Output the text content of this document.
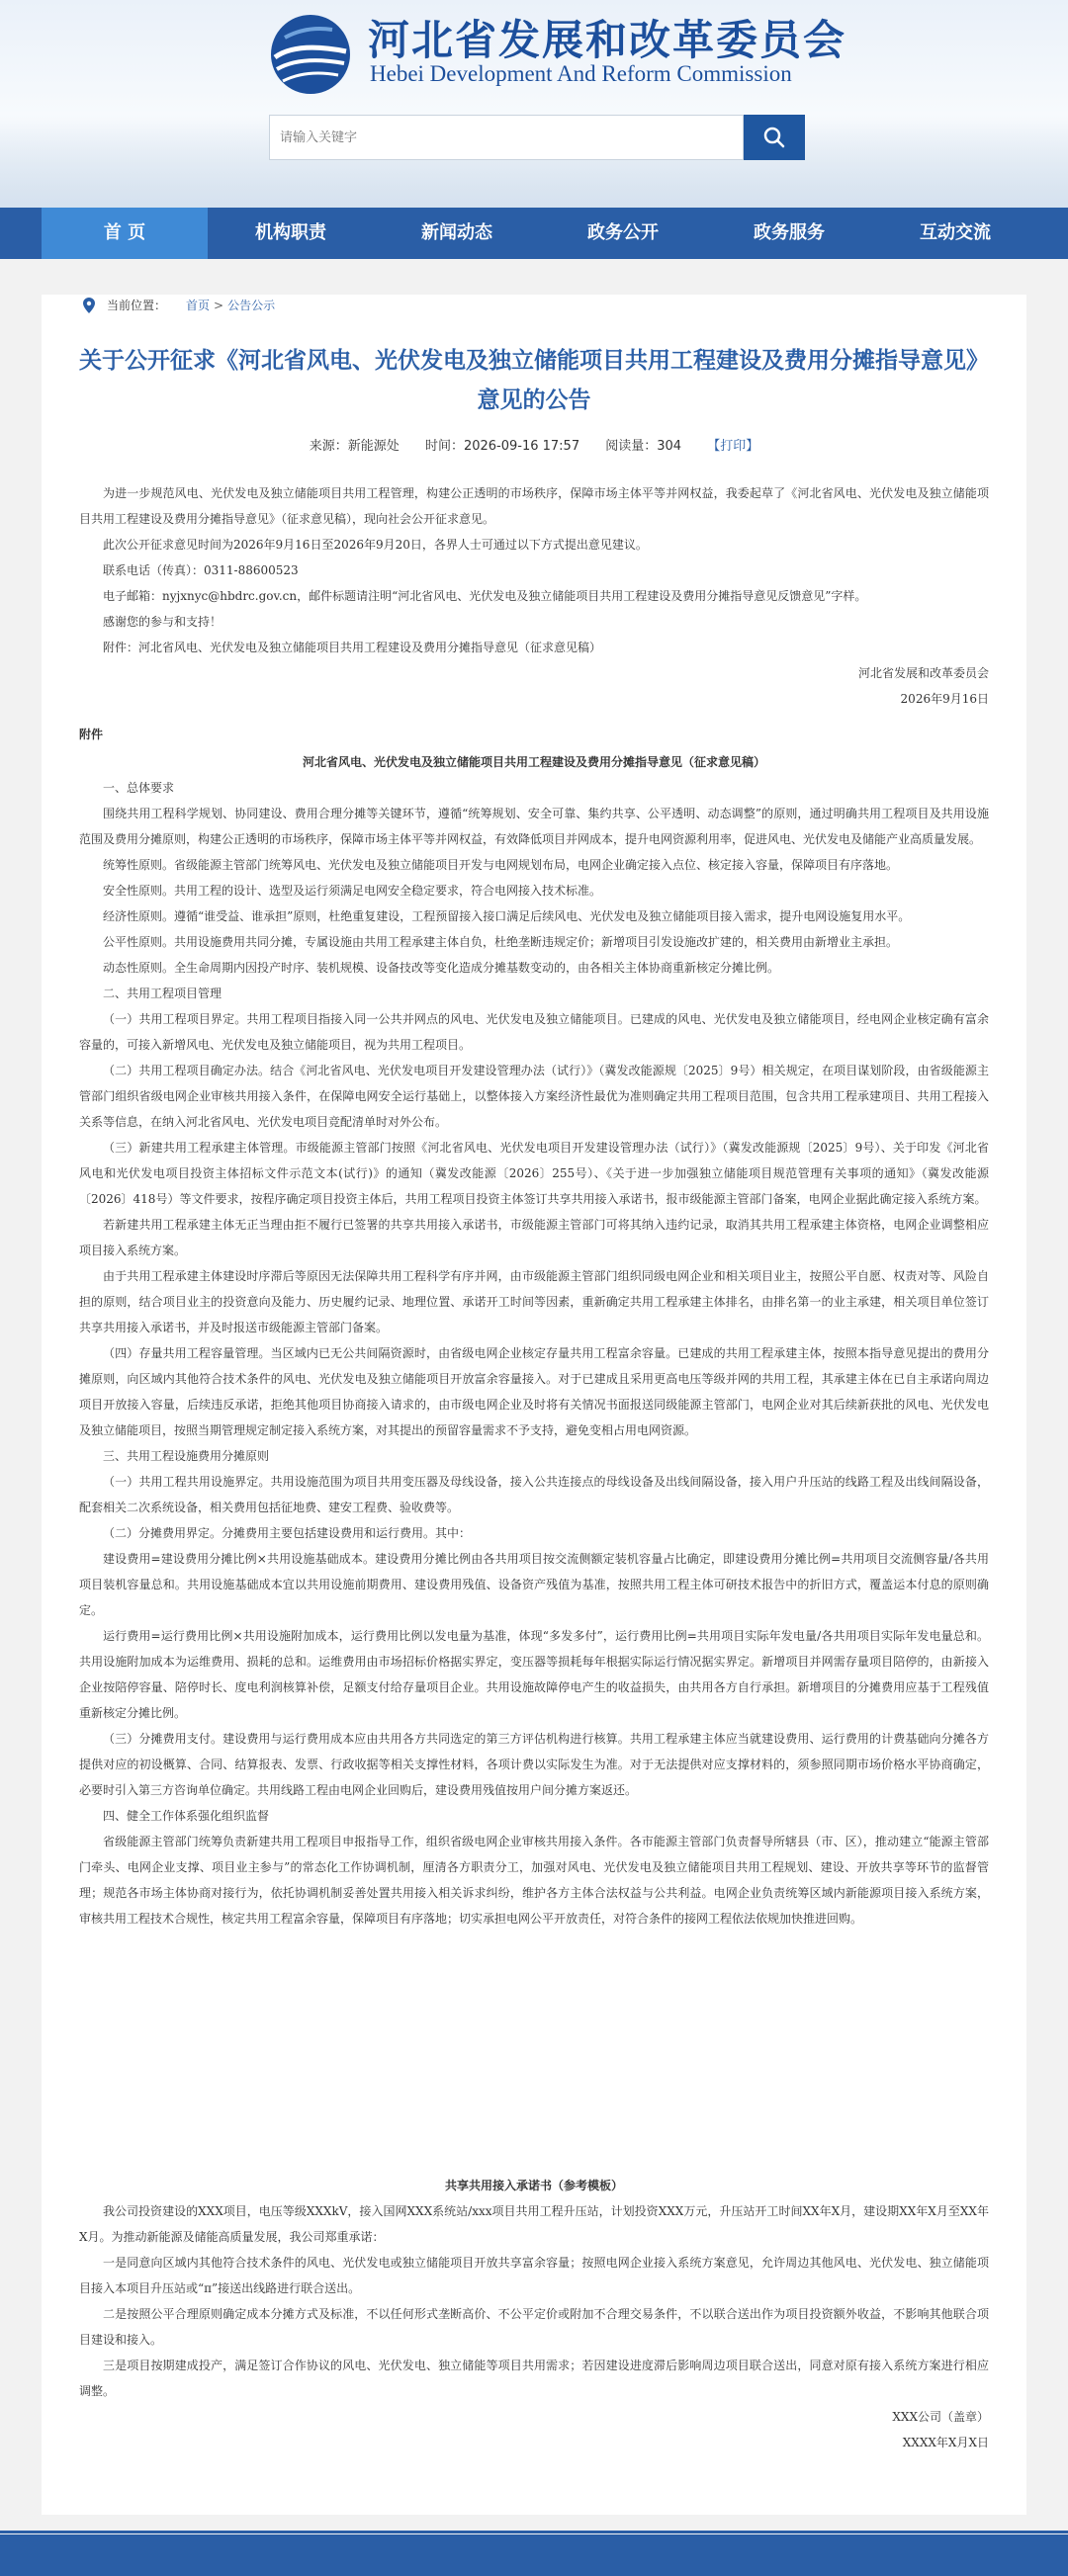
河北省发展和改革委员会
Hebei Development And Reform Commission
请输入关键字
首 页	机构职责	新闻动态	政务公开	政务服务	互动交流
当前位置： 首页 > 公告公示
关于公开征求《河北省风电、光伏发电及独立储能项目共用工程建设及费用分摊指导意见》意见的公告
来源：新能源处 时间：2026-09-16 17:57 阅读量：304 【打印】

为进一步规范风电、光伏发电及独立储能项目共用工程管理，构建公正透明的市场秩序，保障市场主体平等并网权益，我委起草了《河北省风电、光伏发电及独立储能项目共用工程建设及费用分摊指导意见》（征求意见稿），现向社会公开征求意见。

此次公开征求意见时间为2026年9月16日至2026年9月20日，各界人士可通过以下方式提出意见建议。

联系电话（传真）：0311-88600523

电子邮箱：nyjxnyc@hbdrc.gov.cn，邮件标题请注明“河北省风电、光伏发电及独立储能项目共用工程建设及费用分摊指导意见反馈意见”字样。

感谢您的参与和支持！

附件：河北省风电、光伏发电及独立储能项目共用工程建设及费用分摊指导意见（征求意见稿）

河北省发展和改革委员会

2026年9月16日

附件

河北省风电、光伏发电及独立储能项目共用工程建设及费用分摊指导意见（征求意见稿）

一、总体要求

围绕共用工程科学规划、协同建设、费用合理分摊等关键环节，遵循“统筹规划、安全可靠、集约共享、公平透明、动态调整”的原则，通过明确共用工程项目及共用设施范围及费用分摊原则，构建公正透明的市场秩序，保障市场主体平等并网权益，有效降低项目并网成本，提升电网资源利用率，促进风电、光伏发电及储能产业高质量发展。

统筹性原则。省级能源主管部门统筹风电、光伏发电及独立储能项目开发与电网规划布局，电网企业确定接入点位、核定接入容量，保障项目有序落地。

安全性原则。共用工程的设计、选型及运行须满足电网安全稳定要求，符合电网接入技术标准。

经济性原则。遵循“谁受益、谁承担”原则，杜绝重复建设，工程预留接入接口满足后续风电、光伏发电及独立储能项目接入需求，提升电网设施复用水平。

公平性原则。共用设施费用共同分摊，专属设施由共用工程承建主体自负，杜绝垄断违规定价；新增项目引发设施改扩建的，相关费用由新增业主承担。

动态性原则。全生命周期内因投产时序、装机规模、设备技改等变化造成分摊基数变动的，由各相关主体协商重新核定分摊比例。

二、共用工程项目管理

（一）共用工程项目界定。共用工程项目指接入同一公共并网点的风电、光伏发电及独立储能项目。已建成的风电、光伏发电及独立储能项目，经电网企业核定确有富余容量的，可接入新增风电、光伏发电及独立储能项目，视为共用工程项目。

（二）共用工程项目确定办法。结合《河北省风电、光伏发电项目开发建设管理办法（试行）》（冀发改能源规〔2025〕9号）相关规定，在项目谋划阶段，由省级能源主管部门组织省级电网企业审核共用接入条件，在保障电网安全运行基础上，以整体接入方案经济性最优为准则确定共用工程项目范围，包含共用工程承建项目、共用工程接入关系等信息，在纳入河北省风电、光伏发电项目竞配清单时对外公布。

（三）新建共用工程承建主体管理。市级能源主管部门按照《河北省风电、光伏发电项目开发建设管理办法（试行）》（冀发改能源规〔2025〕9号）、关于印发《河北省风电和光伏发电项目投资主体招标文件示范文本(试行)》的通知（冀发改能源〔2026〕255号）、《关于进一步加强独立储能项目规范管理有关事项的通知》（冀发改能源〔2026〕418号）等文件要求，按程序确定项目投资主体后，共用工程项目投资主体签订共享共用接入承诺书，报市级能源主管部门备案，电网企业据此确定接入系统方案。

若新建共用工程承建主体无正当理由拒不履行已签署的共享共用接入承诺书，市级能源主管部门可将其纳入违约记录，取消其共用工程承建主体资格，电网企业调整相应项目接入系统方案。

由于共用工程承建主体建设时序滞后等原因无法保障共用工程科学有序并网，由市级能源主管部门组织同级电网企业和相关项目业主，按照公平自愿、权责对等、风险自担的原则，结合项目业主的投资意向及能力、历史履约记录、地理位置、承诺开工时间等因素，重新确定共用工程承建主体排名，由排名第一的业主承建，相关项目单位签订共享共用接入承诺书，并及时报送市级能源主管部门备案。

（四）存量共用工程容量管理。当区域内已无公共间隔资源时，由省级电网企业核定存量共用工程富余容量。已建成的共用工程承建主体，按照本指导意见提出的费用分摊原则，向区域内其他符合技术条件的风电、光伏发电及独立储能项目开放富余容量接入。对于已建成且采用更高电压等级并网的共用工程，其承建主体在已自主承诺向周边项目开放接入容量，后续违反承诺，拒绝其他项目协商接入请求的，由市级电网企业及时将有关情况书面报送同级能源主管部门，电网企业对其后续新获批的风电、光伏发电及独立储能项目，按照当期管理规定制定接入系统方案，对其提出的预留容量需求不予支持，避免变相占用电网资源。

三、共用工程设施费用分摊原则

（一）共用工程共用设施界定。共用设施范围为项目共用变压器及母线设备，接入公共连接点的母线设备及出线间隔设备，接入用户升压站的线路工程及出线间隔设备，配套相关二次系统设备，相关费用包括征地费、建安工程费、验收费等。

（二）分摊费用界定。分摊费用主要包括建设费用和运行费用。其中：

建设费用=建设费用分摊比例×共用设施基础成本。建设费用分摊比例由各共用项目按交流侧额定装机容量占比确定，即建设费用分摊比例=共用项目交流侧容量/各共用项目装机容量总和。共用设施基础成本宜以共用设施前期费用、建设费用残值、设备资产残值为基准，按照共用工程主体可研技术报告中的折旧方式，覆盖运本付息的原则确定。

运行费用=运行费用比例×共用设施附加成本，运行费用比例以发电量为基准，体现“多发多付”，运行费用比例=共用项目实际年发电量/各共用项目实际年发电量总和。共用设施附加成本为运维费用、损耗的总和。运维费用由市场招标价格据实界定，变压器等损耗每年根据实际运行情况据实界定。新增项目并网需存量项目陪停的，由新接入企业按陪停容量、陪停时长、度电利润核算补偿，足额支付给存量项目企业。共用设施故障停电产生的收益损失，由共用各方自行承担。新增项目的分摊费用应基于工程残值重新核定分摊比例。

（三）分摊费用支付。建设费用与运行费用成本应由共用各方共同选定的第三方评估机构进行核算。共用工程承建主体应当就建设费用、运行费用的计费基础向分摊各方提供对应的初设概算、合同、结算报表、发票、行政收据等相关支撑性材料，各项计费以实际发生为准。对于无法提供对应支撑材料的，须参照同期市场价格水平协商确定，必要时引入第三方咨询单位确定。共用线路工程由电网企业回购后，建设费用残值按用户间分摊方案返还。

四、健全工作体系强化组织监督

省级能源主管部门统筹负责新建共用工程项目申报指导工作，组织省级电网企业审核共用接入条件。各市能源主管部门负责督导所辖县（市、区），推动建立“能源主管部门牵头、电网企业支撑、项目业主参与”的常态化工作协调机制，厘清各方职责分工，加强对风电、光伏发电及独立储能项目共用工程规划、建设、开放共享等环节的监督管理；规范各市场主体协商对接行为，依托协调机制妥善处置共用接入相关诉求纠纷，维护各方主体合法权益与公共利益。电网企业负责统筹区域内新能源项目接入系统方案，审核共用工程技术合规性，核定共用工程富余容量，保障项目有序落地；切实承担电网公平开放责任，对符合条件的接网工程依法依规加快推进回购。

共享共用接入承诺书（参考模板）

我公司投资建设的XXX项目，电压等级XXXkV，接入国网XXX系统站/xxx项目共用工程升压站，计划投资XXX万元，升压站开工时间XX年X月，建设期XX年X月至XX年X月。为推动新能源及储能高质量发展，我公司郑重承诺：

一是同意向区域内其他符合技术条件的风电、光伏发电或独立储能项目开放共享富余容量；按照电网企业接入系统方案意见，允许周边其他风电、光伏发电、独立储能项目接入本项目升压站或“π”接送出线路进行联合送出。

二是按照公平合理原则确定成本分摊方式及标准，不以任何形式垄断高价、不公平定价或附加不合理交易条件，不以联合送出作为项目投资额外收益，不影响其他联合项目建设和接入。

三是项目按期建成投产，满足签订合作协议的风电、光伏发电、独立储能等项目共用需求；若因建设进度滞后影响周边项目联合送出，同意对原有接入系统方案进行相应调整。

XXX公司（盖章）

XXXX年X月X日
